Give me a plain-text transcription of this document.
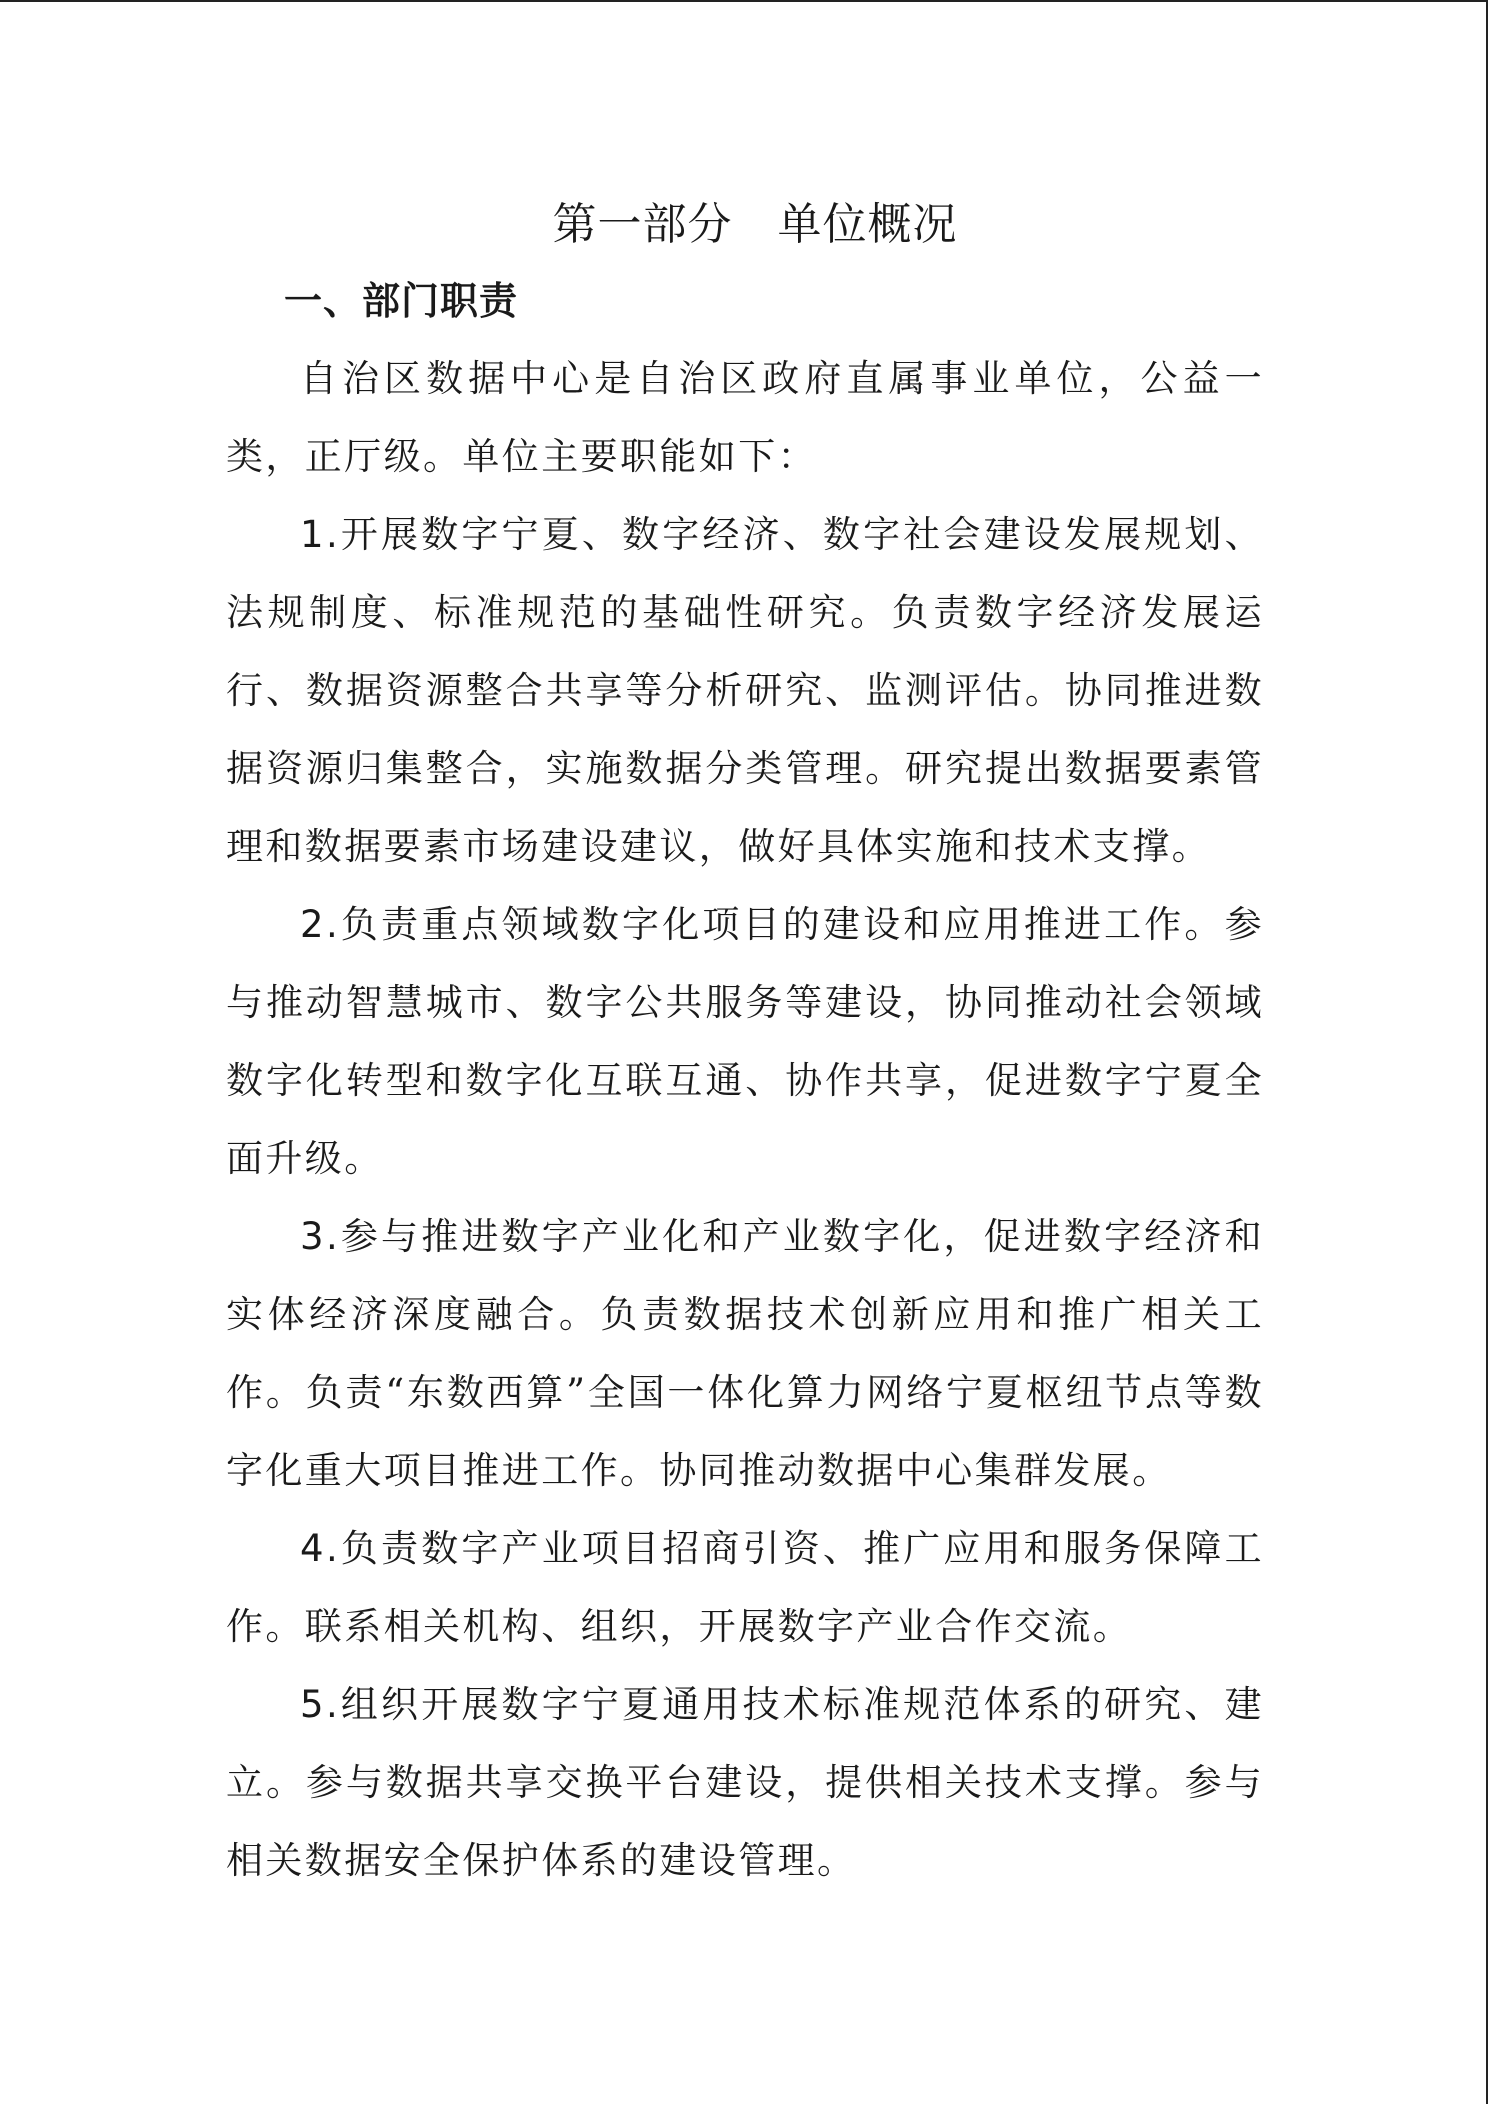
第一部分　单位概况
一、部门职责

自治区数据中心是自治区政府直属事业单位，公益一类，正厅级。单位主要职能如下：

1.开展数字宁夏、数字经济、数字社会建设发展规划、法规制度、标准规范的基础性研究。负责数字经济发展运行、数据资源整合共享等分析研究、监测评估。协同推进数据资源归集整合，实施数据分类管理。研究提出数据要素管理和数据要素市场建设建议，做好具体实施和技术支撑。

2.负责重点领域数字化项目的建设和应用推进工作。参与推动智慧城市、数字公共服务等建设，协同推动社会领域数字化转型和数字化互联互通、协作共享，促进数字宁夏全面升级。

3.参与推进数字产业化和产业数字化，促进数字经济和实体经济深度融合。负责数据技术创新应用和推广相关工作。负责“东数西算”全国一体化算力网络宁夏枢纽节点等数字化重大项目推进工作。协同推动数据中心集群发展。

4.负责数字产业项目招商引资、推广应用和服务保障工作。联系相关机构、组织，开展数字产业合作交流。

5.组织开展数字宁夏通用技术标准规范体系的研究、建立。参与数据共享交换平台建设，提供相关技术支撑。参与相关数据安全保护体系的建设管理。
